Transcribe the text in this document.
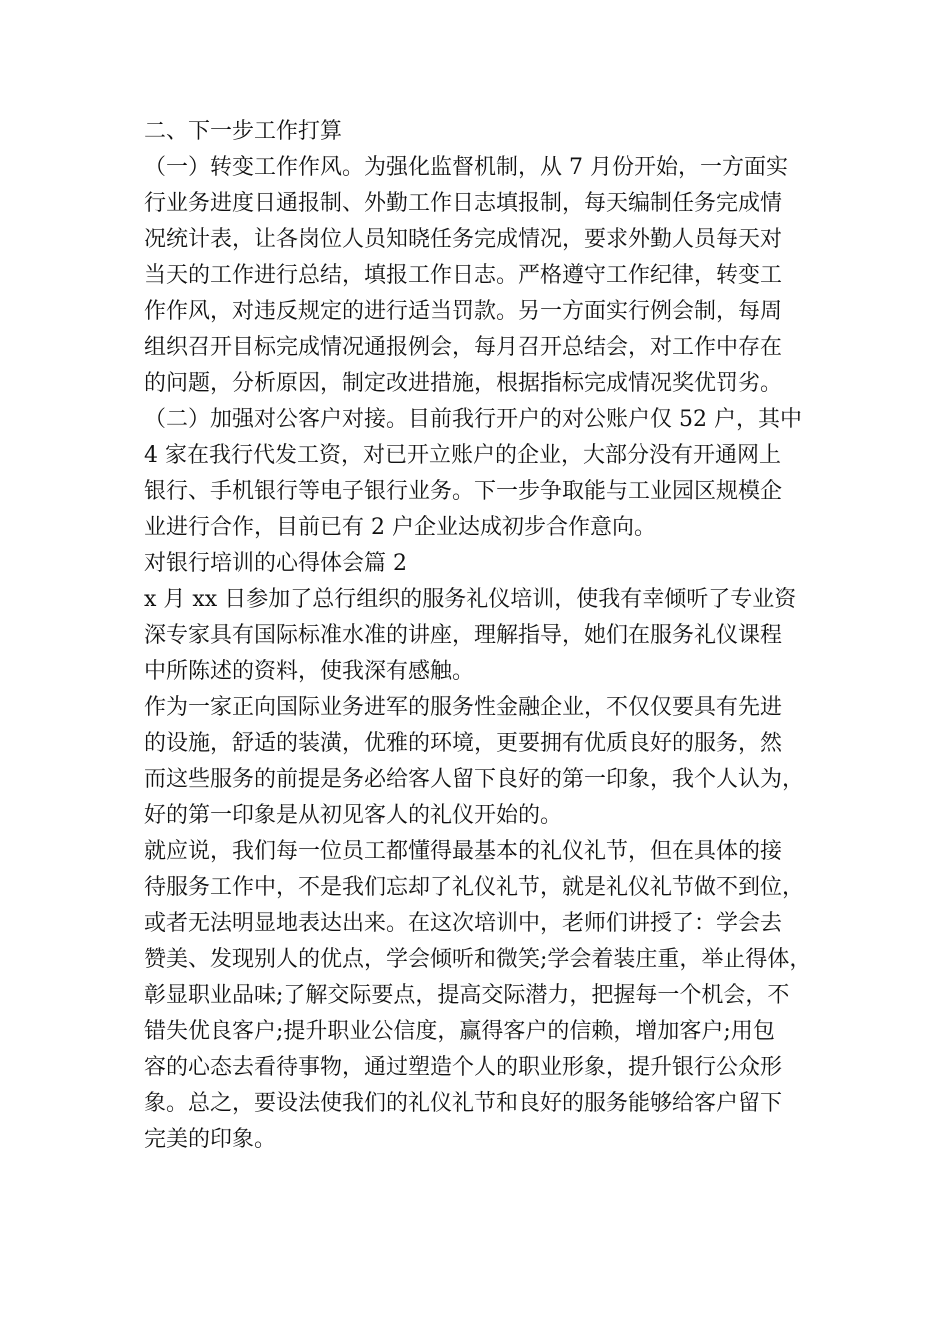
二、下一步工作打算
（一）转变工作作风。为强化监督机制，从 7 月份开始，一方面实
行业务进度日通报制、外勤工作日志填报制，每天编制任务完成情
况统计表，让各岗位人员知晓任务完成情况，要求外勤人员每天对
当天的工作进行总结，填报工作日志。严格遵守工作纪律，转变工
作作风，对违反规定的进行适当罚款。另一方面实行例会制，每周
组织召开目标完成情况通报例会，每月召开总结会，对工作中存在
的问题，分析原因，制定改进措施，根据指标完成情况奖优罚劣。
（二）加强对公客户对接。目前我行开户的对公账户仅 52 户，其中
4 家在我行代发工资，对已开立账户的企业，大部分没有开通网上
银行、手机银行等电子银行业务。下一步争取能与工业园区规模企
业进行合作，目前已有 2 户企业达成初步合作意向。
对银行培训的心得体会篇 2
x 月 xx 日参加了总行组织的服务礼仪培训，使我有幸倾听了专业资
深专家具有国际标准水准的讲座，理解指导，她们在服务礼仪课程
中所陈述的资料，使我深有感触。
作为一家正向国际业务进军的服务性金融企业，不仅仅要具有先进
的设施，舒适的装潢，优雅的环境，更要拥有优质良好的服务，然
而这些服务的前提是务必给客人留下良好的第一印象，我个人认为，
好的第一印象是从初见客人的礼仪开始的。
就应说，我们每一位员工都懂得最基本的礼仪礼节，但在具体的接
待服务工作中，不是我们忘却了礼仪礼节，就是礼仪礼节做不到位，
或者无法明显地表达出来。在这次培训中，老师们讲授了：学会去
赞美、发现别人的优点，学会倾听和微笑;学会着装庄重，举止得体，
彰显职业品味;了解交际要点，提高交际潜力，把握每一个机会，不
错失优良客户;提升职业公信度，赢得客户的信赖，增加客户;用包
容的心态去看待事物，通过塑造个人的职业形象，提升银行公众形
象。总之，要设法使我们的礼仪礼节和良好的服务能够给客户留下
完美的印象。
